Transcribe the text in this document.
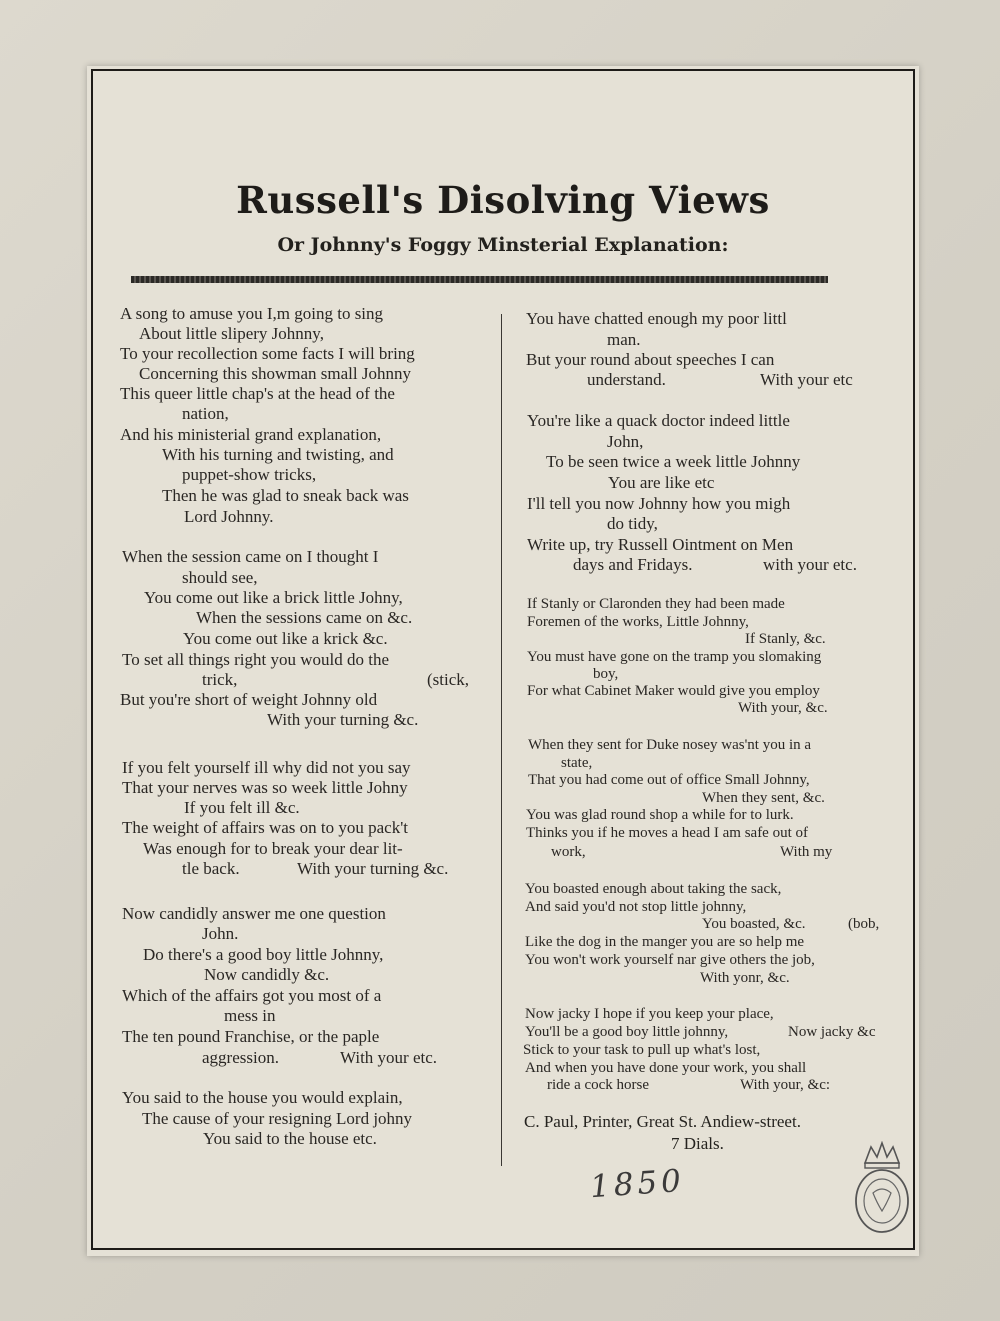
Russell's Disolving Views
Or Johnny's Foggy Minsterial Explanation:
A song to amuse you I,m going to sing
About little slipery Johnny,
To your recollection some facts I will bring
Concerning this showman small Johnny
This queer little chap's at the head of the
nation,
And his ministerial grand explanation,
With his turning and twisting, and
puppet-show tricks,
Then he was glad to sneak back was
Lord Johnny.
When the session came on I thought I
should see,
You come out like a brick little Johny,
When the sessions came on &c.
You come out like a krick &c.
To set all things right you would do the
trick,	(stick,
But you're short of weight Johnny old
With your turning &c.
If you felt yourself ill why did not you say
That your nerves was so week little Johny
If you felt ill &c.
The weight of affairs was on to you pack't
Was enough for to break your dear lit-
tle back.	With your turning &c.
Now candidly answer me one question
John.
Do there's a good boy little Johnny,
Now candidly &c.
Which of the affairs got you most of a
mess in
The ten pound Franchise, or the paple
aggression.	With your etc.
You said to the house you would explain,
The cause of your resigning Lord johny
You said to the house etc.
You have chatted enough my poor littl
man.
But your round about speeches I can
understand.	With your etc
You're like a quack doctor indeed little
John,
To be seen twice a week little Johnny
You are like etc
I'll tell you now Johnny how you migh
do tidy,
Write up, try Russell Ointment on Men
days and Fridays.	with your etc.
If Stanly or Claronden they had been made
Foremen of the works, Little Johnny,
If Stanly, &c.
You must have gone on the tramp you slomaking
boy,
For what Cabinet Maker would give you employ
With your, &c.
When they sent for Duke nosey was'nt you in a
state,
That you had come out of office Small Johnny,
When they sent, &c.
You was glad round shop a while for to lurk.
Thinks you if he moves a head I am safe out of
work,	With my
You boasted enough about taking the sack,
And said you'd not stop little johnny,
You boasted, &c.	(bob,
Like the dog in the manger you are so help me
You won't work yourself nar give others the job,
With yonr, &c.
Now jacky I hope if you keep your place,
You'll be a good boy little johnny,	Now jacky &c
Stick to your task to pull up what's lost,
And when you have done your work, you shall
ride a cock horse	With your, &c:
C. Paul, Printer, Great St. Andiew-street.
7 Dials.
1850
